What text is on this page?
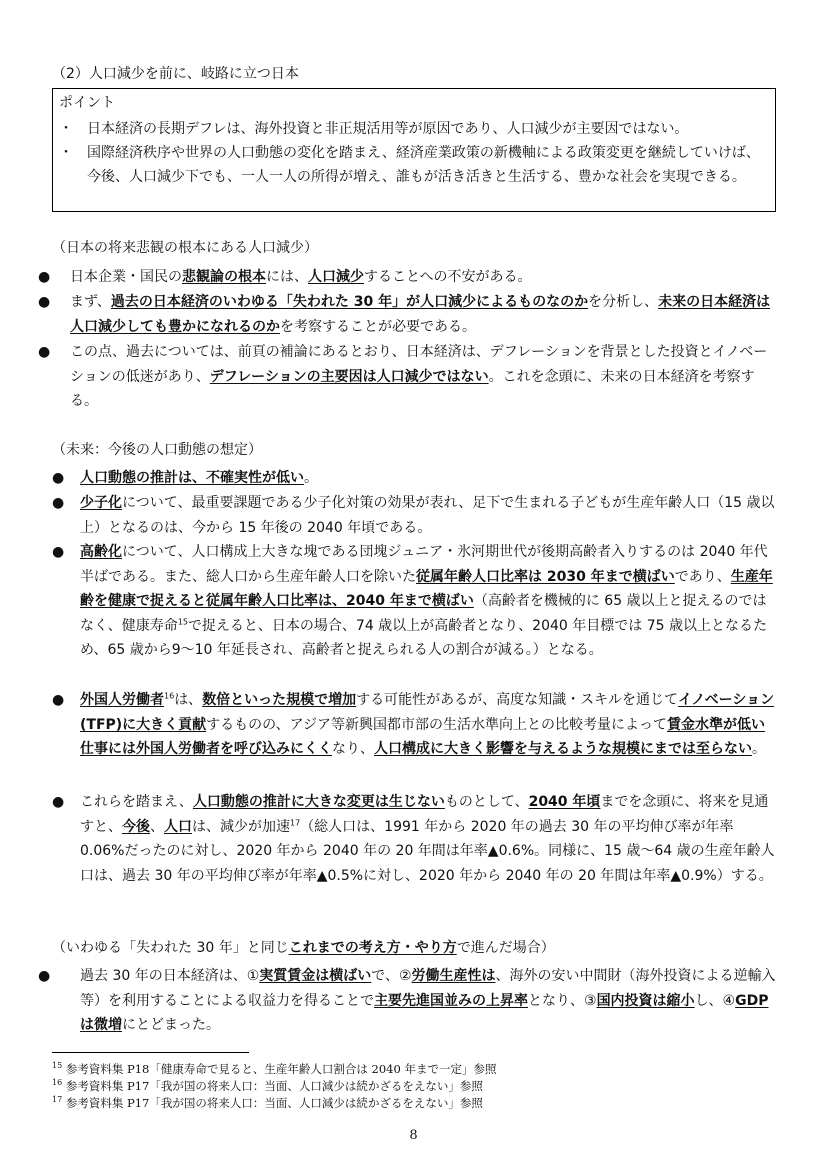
（2）人口減少を前に、岐路に立つ日本
ポイント
・	日本経済の長期デフレは、海外投資と非正規活用等が原因であり、人口減少が主要因ではない。
・	国際経済秩序や世界の人口動態の変化を踏まえ、経済産業政策の新機軸による政策変更を継続していけば、今後、人口減少下でも、一人一人の所得が増え、誰もが活き活きと生活する、豊かな社会を実現できる。
（日本の将来悲観の根本にある人口減少）
●	日本企業・国民の悲観論の根本には、人口減少することへの不安がある。
●	まず、過去の日本経済のいわゆる「失われた 30 年」が人口減少によるものなのかを分析し、未来の日本経済は人口減少しても豊かになれるのかを考察することが必要である。
●	この点、過去については、前頁の補論にあるとおり、日本経済は、デフレーションを背景とした投資とイノベーションの低迷があり、デフレーションの主要因は人口減少ではない。これを念頭に、未来の日本経済を考察する。
（未来：今後の人口動態の想定）
●	人口動態の推計は、不確実性が低い。
●	少子化について、最重要課題である少子化対策の効果が表れ、足下で生まれる子どもが生産年齢人口（15 歳以上）となるのは、今から 15 年後の 2040 年頃である。
●	高齢化について、人口構成上大きな塊である団塊ジュニア・氷河期世代が後期高齢者入りするのは 2040 年代半ばである。また、総人口から生産年齢人口を除いた従属年齢人口比率は 2030 年まで横ばいであり、生産年齢を健康で捉えると従属年齢人口比率は、2040 年まで横ばい（高齢者を機械的に 65 歳以上と捉えるのではなく、健康寿命$^{15}$で捉えると、日本の場合、74 歳以上が高齢者となり、2040 年目標では 75 歳以上となるため、65 歳から9～10 年延長され、高齢者と捉えられる人の割合が減る。）となる。
●	外国人労働者$^{16}$は、数倍といった規模で増加する可能性があるが、高度な知識・スキルを通じてイノベーション(TFP)に大きく貢献するものの、アジア等新興国都市部の生活水準向上との比較考量によって賃金水準が低い仕事には外国人労働者を呼び込みにくくなり、人口構成に大きく影響を与えるような規模にまでは至らない。
●	これらを踏まえ、人口動態の推計に大きな変更は生じないものとして、2040 年頃までを念頭に、将来を見通すと、今後、人口は、減少が加速$^{17}$（総人口は、1991 年から 2020 年の過去 30 年の平均伸び率が年率 0.06%だったのに対し、2020 年から 2040 年の 20 年間は年率▲0.6%。同様に、15 歳～64 歳の生産年齢人口は、過去 30 年の平均伸び率が年率▲0.5%に対し、2020 年から 2040 年の 20 年間は年率▲0.9%）する。
（いわゆる「失われた 30 年」と同じこれまでの考え方・やり方で進んだ場合）
●	過去 30 年の日本経済は、①実質賃金は横ばいで、②労働生産性は、海外の安い中間財（海外投資による逆輸入等）を利用することによる収益力を得ることで主要先進国並みの上昇率となり、③国内投資は縮小し、④GDP は微増にとどまった。
$^{15}$ 参考資料集 P18「健康寿命で見ると、生産年齢人口割合は 2040 年まで一定」参照
$^{16}$ 参考資料集 P17「我が国の将来人口：当面、人口減少は続かざるをえない」参照
$^{17}$ 参考資料集 P17「我が国の将来人口：当面、人口減少は続かざるをえない」参照
8
